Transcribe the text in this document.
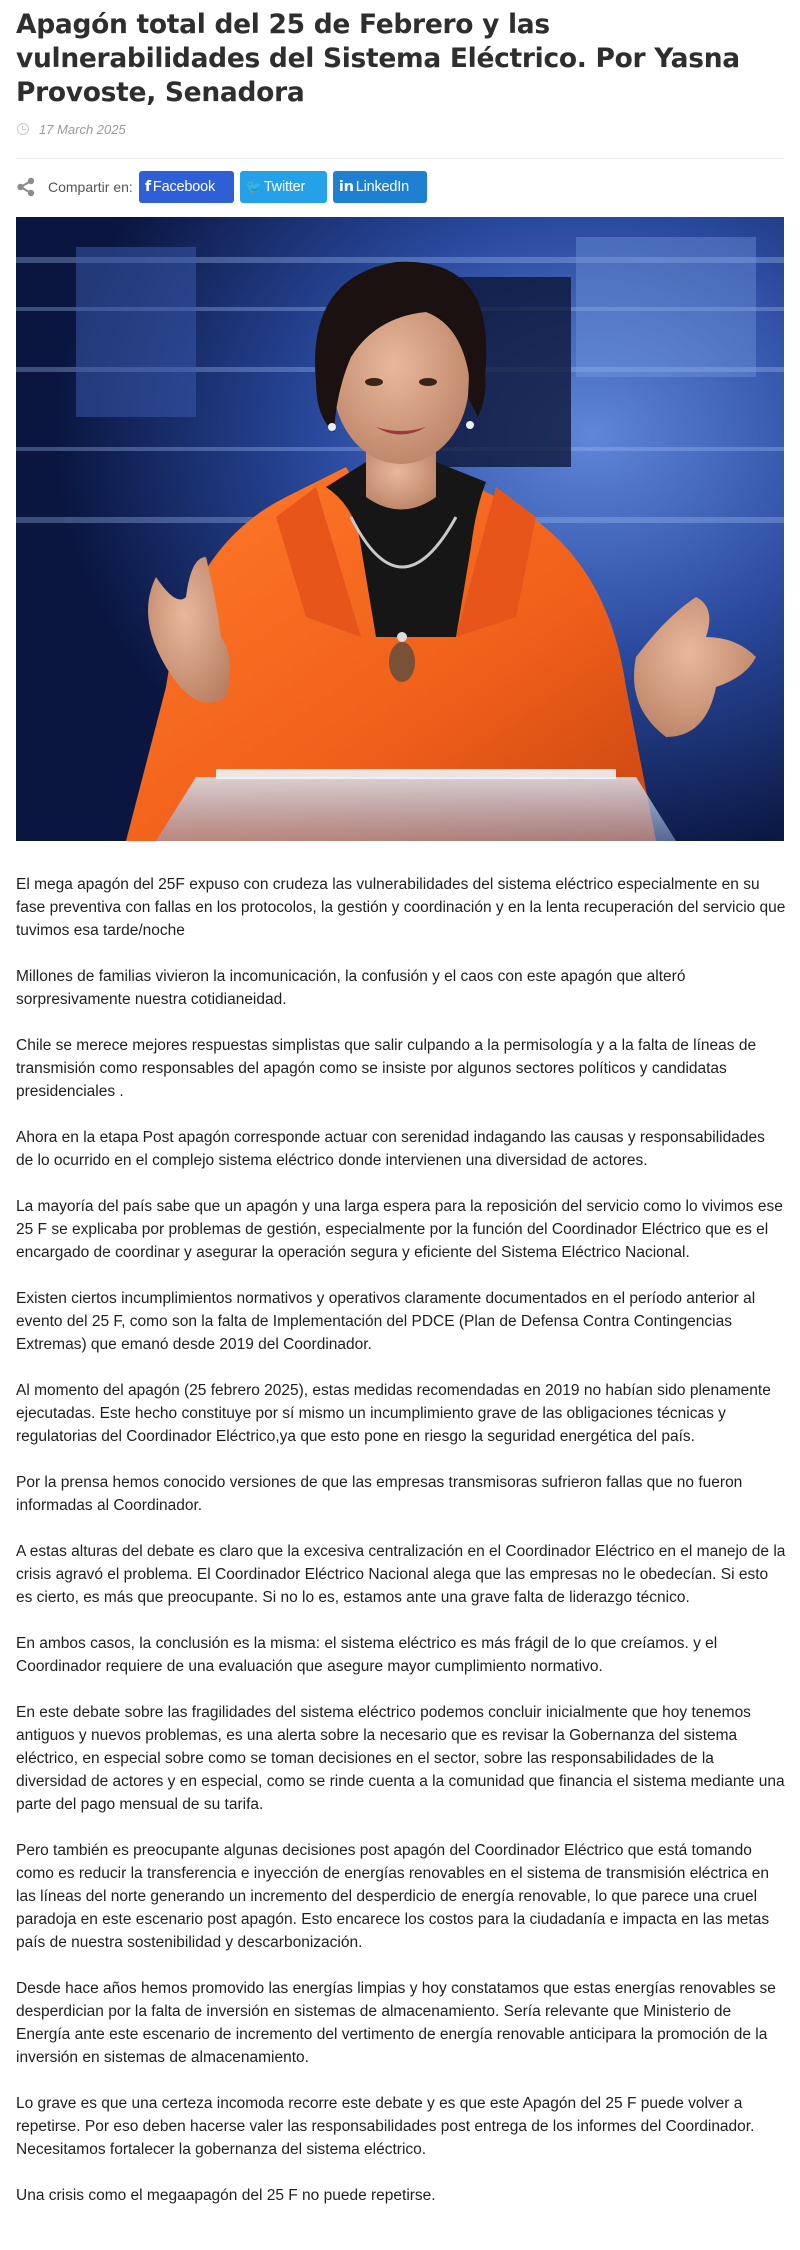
Apagón total del 25 de Febrero y las vulnerabilidades del Sistema Eléctrico. Por Yasna Provoste, Senadora
17 March 2025
Compartir en: f Facebook 🐦 Twitter in LinkedIn

El mega apagón del 25F expuso con crudeza las vulnerabilidades del sistema eléctrico especialmente en su fase preventiva con fallas en los protocolos, la gestión y coordinación y en la lenta recuperación del servicio que tuvimos esa tarde/noche

Millones de familias vivieron la incomunicación, la confusión y el caos con este apagón que alteró sorpresivamente nuestra cotidianeidad.

Chile se merece mejores respuestas simplistas que salir culpando a la permisología y a la falta de líneas de transmisión como responsables del apagón como se insiste por algunos sectores políticos y candidatas presidenciales .

Ahora en la etapa Post apagón corresponde actuar con serenidad indagando las causas y responsabilidades de lo ocurrido en el complejo sistema eléctrico donde intervienen una diversidad de actores.

La mayoría del país sabe que un apagón y una larga espera para la reposición del servicio como lo vivimos ese 25 F se explicaba por problemas de gestión, especialmente por la función del Coordinador Eléctrico que es el encargado de coordinar y asegurar la operación segura y eficiente del Sistema Eléctrico Nacional.

Existen ciertos incumplimientos normativos y operativos claramente documentados en el período anterior al evento del 25 F, como son la falta de Implementación del PDCE (Plan de Defensa Contra Contingencias Extremas) que emanó desde 2019 del Coordinador.

Al momento del apagón (25 febrero 2025), estas medidas recomendadas en 2019 no habían sido plenamente ejecutadas. Este hecho constituye por sí mismo un incumplimiento grave de las obligaciones técnicas y regulatorias del Coordinador Eléctrico,ya que esto pone en riesgo la seguridad energética del país.

Por la prensa hemos conocido versiones de que las empresas transmisoras sufrieron fallas que no fueron informadas al Coordinador.

A estas alturas del debate es claro que la excesiva centralización en el Coordinador Eléctrico en el manejo de la crisis agravó el problema. El Coordinador Eléctrico Nacional alega que las empresas no le obedecían. Si esto es cierto, es más que preocupante. Si no lo es, estamos ante una grave falta de liderazgo técnico.

En ambos casos, la conclusión es la misma: el sistema eléctrico es más frágil de lo que creíamos. y el Coordinador requiere de una evaluación que asegure mayor cumplimiento normativo.

En este debate sobre las fragilidades del sistema eléctrico podemos concluir inicialmente que hoy tenemos antiguos y nuevos problemas, es una alerta sobre la necesario que es revisar la Gobernanza del sistema eléctrico, en especial sobre como se toman decisiones en el sector, sobre las responsabilidades de la diversidad de actores y en especial, como se rinde cuenta a la comunidad que financia el sistema mediante una parte del pago mensual de su tarifa.

Pero también es preocupante algunas decisiones post apagón del Coordinador Eléctrico que está tomando como es reducir la transferencia e inyección de energías renovables en el sistema de transmisión eléctrica en las líneas del norte generando un incremento del desperdicio de energía renovable, lo que parece una cruel paradoja en este escenario post apagón. Esto encarece los costos para la ciudadanía e impacta en las metas país de nuestra sostenibilidad y descarbonización.

Desde hace años hemos promovido las energías limpias y hoy constatamos que estas energías renovables se desperdician por la falta de inversión en sistemas de almacenamiento. Sería relevante que Ministerio de Energía ante este escenario de incremento del vertimento de energía renovable anticipara la promoción de la inversión en sistemas de almacenamiento.

Lo grave es que una certeza incomoda recorre este debate y es que este Apagón del 25 F puede volver a repetirse. Por eso deben hacerse valer las responsabilidades post entrega de los informes del Coordinador. Necesitamos fortalecer la gobernanza del sistema eléctrico.

Una crisis como el megaapagón del 25 F no puede repetirse.
